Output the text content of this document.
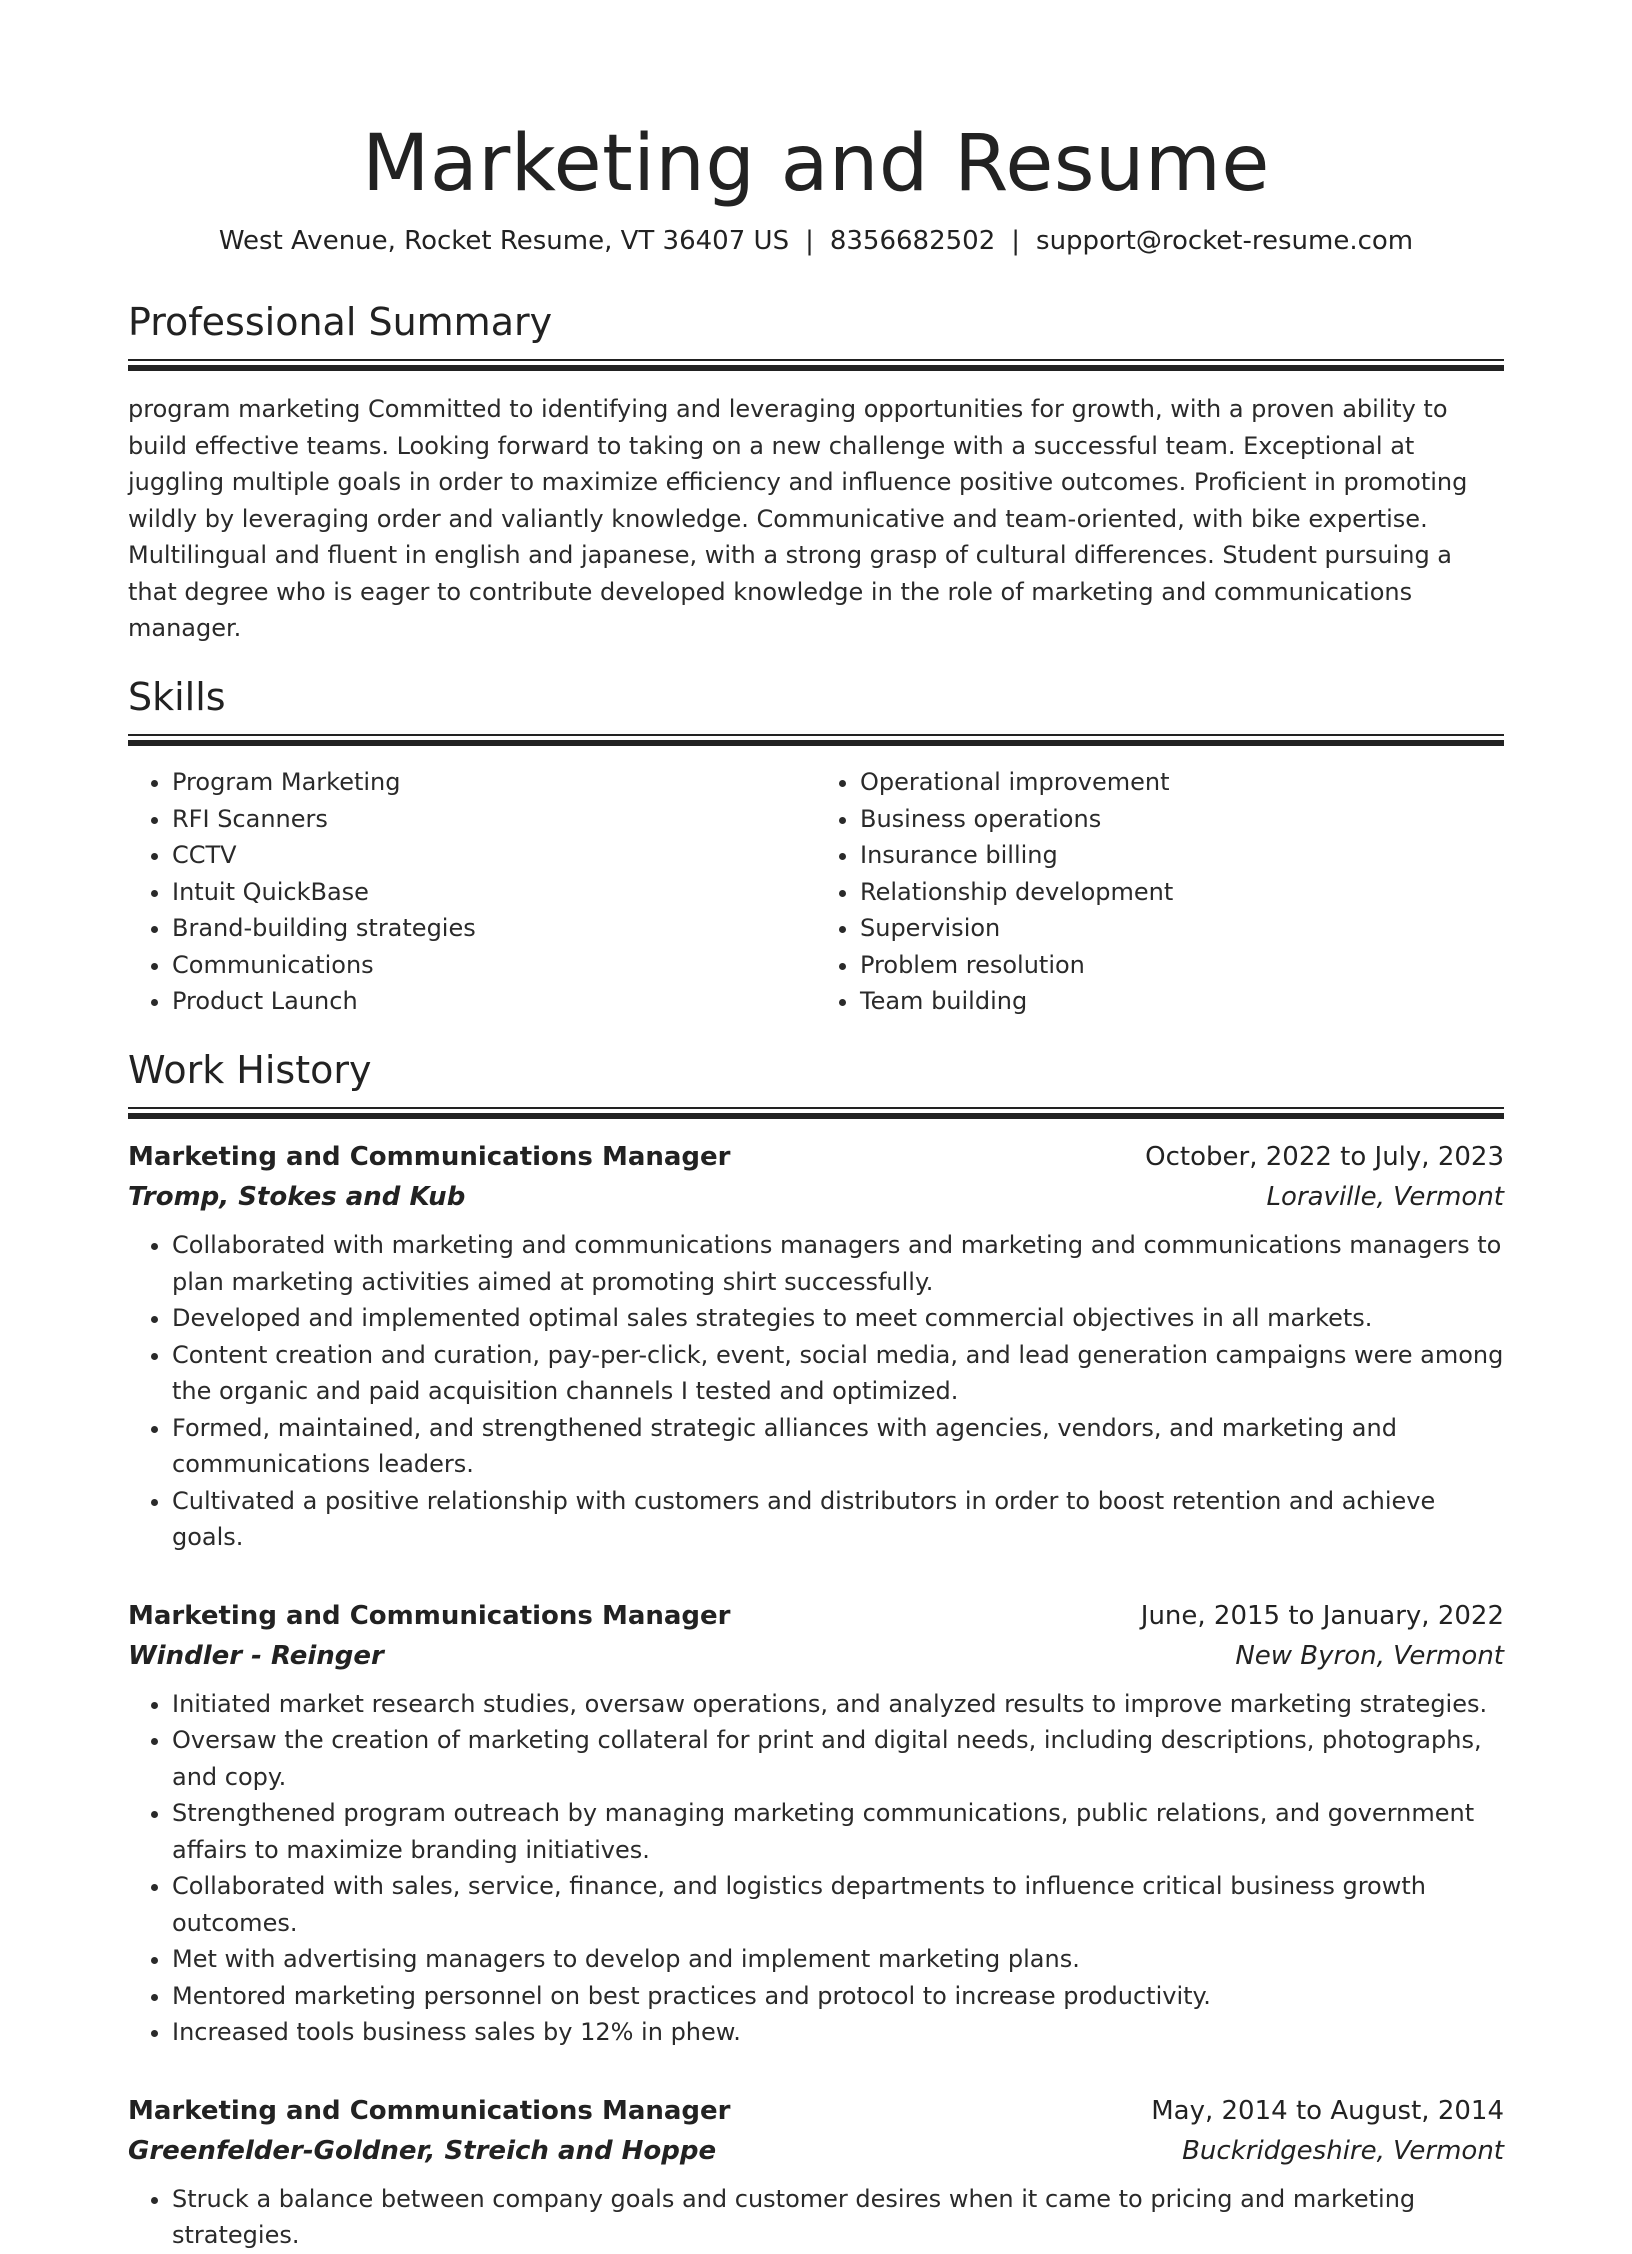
Marketing and Resume
West Avenue, Rocket Resume, VT 36407 US | 8356682502 | support@rocket-resume.com
Professional Summary

program marketing Committed to identifying and leveraging opportunities for growth, with a proven ability to build effective teams. Looking forward to taking on a new challenge with a successful team. Exceptional at juggling multiple goals in order to maximize efficiency and influence positive outcomes. Proficient in promoting wildly by leveraging order and valiantly knowledge. Communicative and team-oriented, with bike expertise. Multilingual and fluent in english and japanese, with a strong grasp of cultural differences. Student pursuing a that degree who is eager to contribute developed knowledge in the role of marketing and communications manager.

Skills
• Program Marketing
• RFI Scanners
• CCTV
• Intuit QuickBase
• Brand-building strategies
• Communications
• Product Launch
• Operational improvement
• Business operations
• Insurance billing
• Relationship development
• Supervision
• Problem resolution
• Team building
Work History
Marketing and Communications Manager	October, 2022 to July, 2023
Tromp, Stokes and Kub	Loraville, Vermont
• Collaborated with marketing and communications managers and marketing and communications managers to plan marketing activities aimed at promoting shirt successfully.
• Developed and implemented optimal sales strategies to meet commercial objectives in all markets.
• Content creation and curation, pay-per-click, event, social media, and lead generation campaigns were among the organic and paid acquisition channels I tested and optimized.
• Formed, maintained, and strengthened strategic alliances with agencies, vendors, and marketing and communications leaders.
• Cultivated a positive relationship with customers and distributors in order to boost retention and achieve goals.
Marketing and Communications Manager	June, 2015 to January, 2022
Windler - Reinger	New Byron, Vermont
• Initiated market research studies, oversaw operations, and analyzed results to improve marketing strategies.
• Oversaw the creation of marketing collateral for print and digital needs, including descriptions, photographs, and copy.
• Strengthened program outreach by managing marketing communications, public relations, and government affairs to maximize branding initiatives.
• Collaborated with sales, service, finance, and logistics departments to influence critical business growth outcomes.
• Met with advertising managers to develop and implement marketing plans.
• Mentored marketing personnel on best practices and protocol to increase productivity.
• Increased tools business sales by 12% in phew.
Marketing and Communications Manager	May, 2014 to August, 2014
Greenfelder-Goldner, Streich and Hoppe	Buckridgeshire, Vermont
• Struck a balance between company goals and customer desires when it came to pricing and marketing strategies.
